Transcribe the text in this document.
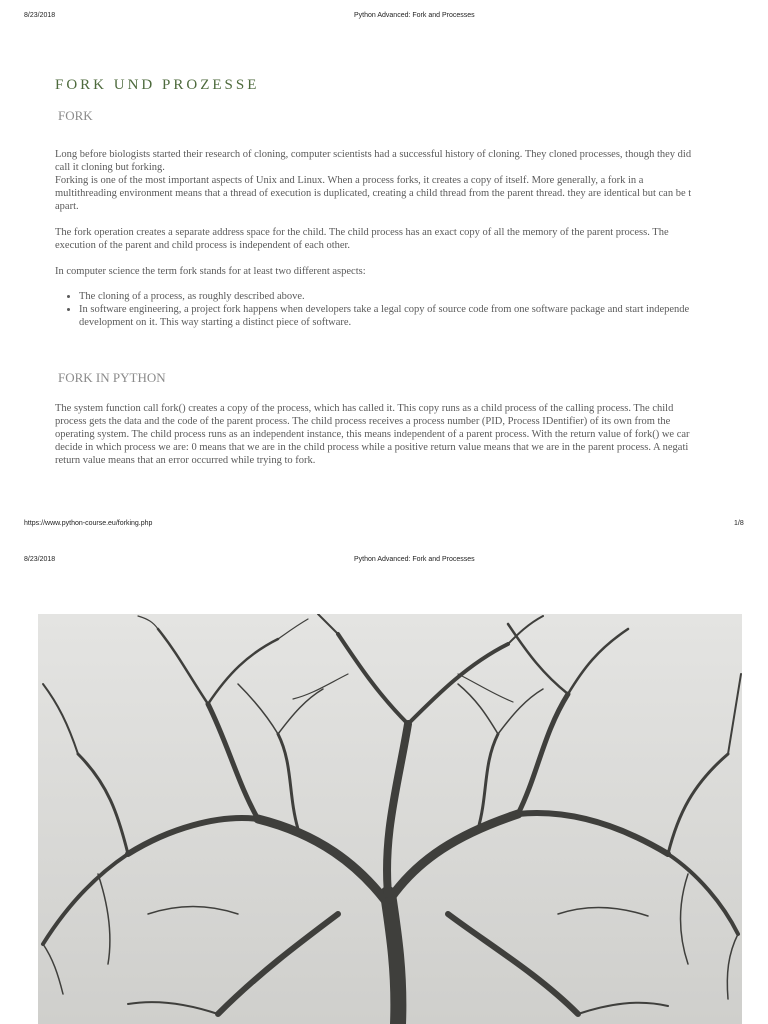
8/23/2018	Python Advanced: Fork and Processes
FORK UND PROZESSE
FORK

Long before biologists started their research of cloning, computer scientists had a successful history of cloning. They cloned processes, though they did

call it cloning but forking.

Forking is one of the most important aspects of Unix and Linux. When a process forks, it creates a copy of itself. More generally, a fork in a

multithreading environment means that a thread of execution is duplicated, creating a child thread from the parent thread. they are identical but can be t

apart.

The fork operation creates a separate address space for the child. The child process has an exact copy of all the memory of the parent process. The

execution of the parent and child process is independent of each other.

In computer science the term fork stands for at least two different aspects:

• The cloning of a process, as roughly described above.
• In software engineering, a project fork happens when developers take a legal copy of source code from one software package and start independe
development on it. This way starting a distinct piece of software.
FORK IN PYTHON

The system function call fork() creates a copy of the process, which has called it. This copy runs as a child process of the calling process. The child

process gets the data and the code of the parent process. The child process receives a process number (PID, Process IDentifier) of its own from the

operating system. The child process runs as an independent instance, this means independent of a parent process. With the return value of fork() we car

decide in which process we are: 0 means that we are in the child process while a positive return value means that we are in the parent process. A negati

return value means that an error occurred while trying to fork.

https://www.python-course.eu/forking.php	1/8
8/23/2018	Python Advanced: Fork and Processes
